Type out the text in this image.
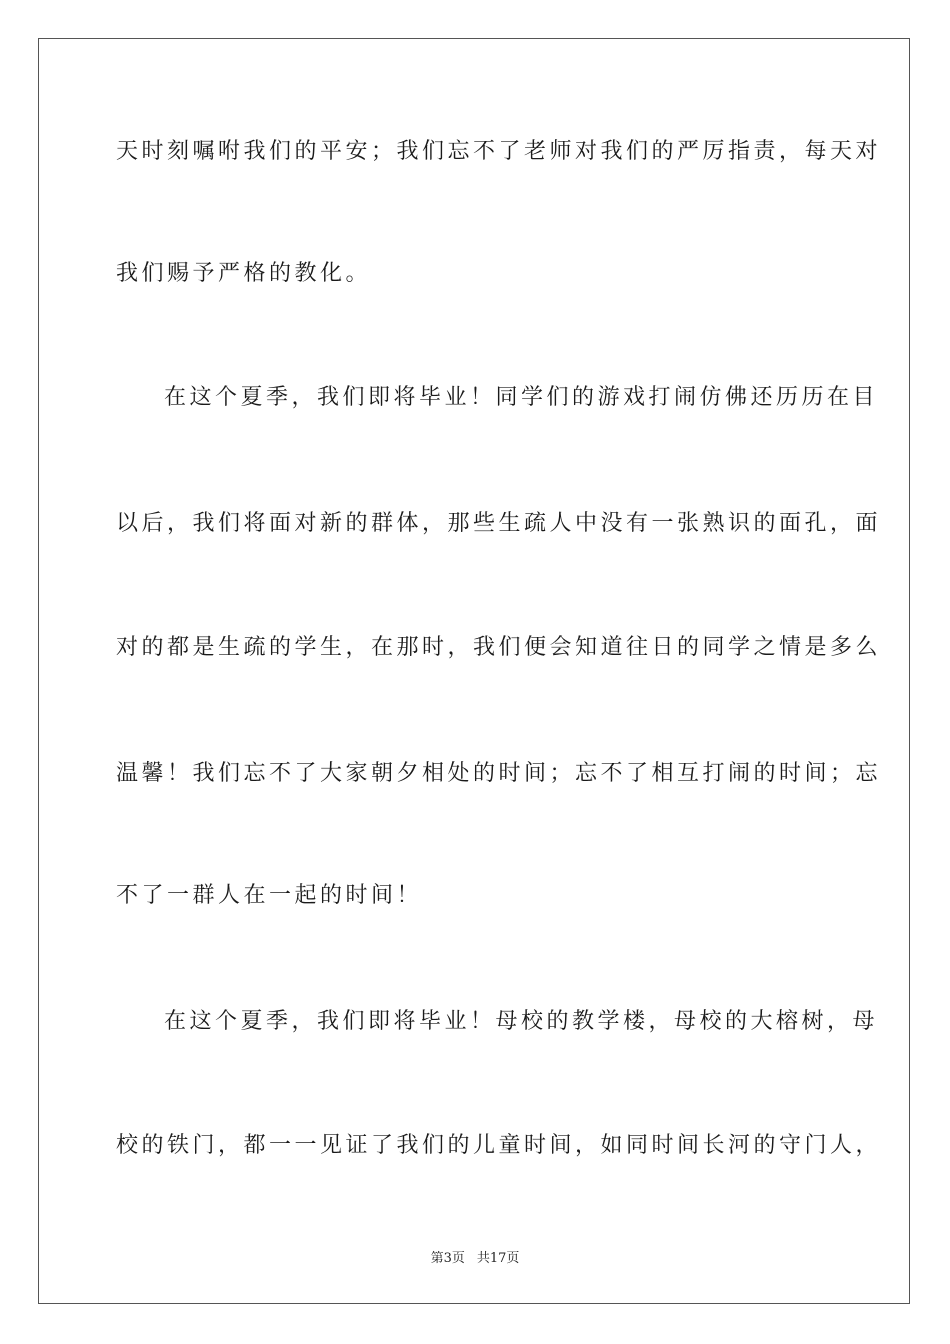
天时刻嘱咐我们的平安；我们忘不了老师对我们的严厉指责，每天对
我们赐予严格的教化。
在这个夏季，我们即将毕业！同学们的游戏打闹仿佛还历历在目
以后，我们将面对新的群体，那些生疏人中没有一张熟识的面孔，面
对的都是生疏的学生，在那时，我们便会知道往日的同学之情是多么
温馨！我们忘不了大家朝夕相处的时间；忘不了相互打闹的时间；忘
不了一群人在一起的时间！
在这个夏季，我们即将毕业！母校的教学楼，母校的大榕树，母
校的铁门，都一一见证了我们的儿童时间，如同时间长河的守门人，
第3页 共17页
